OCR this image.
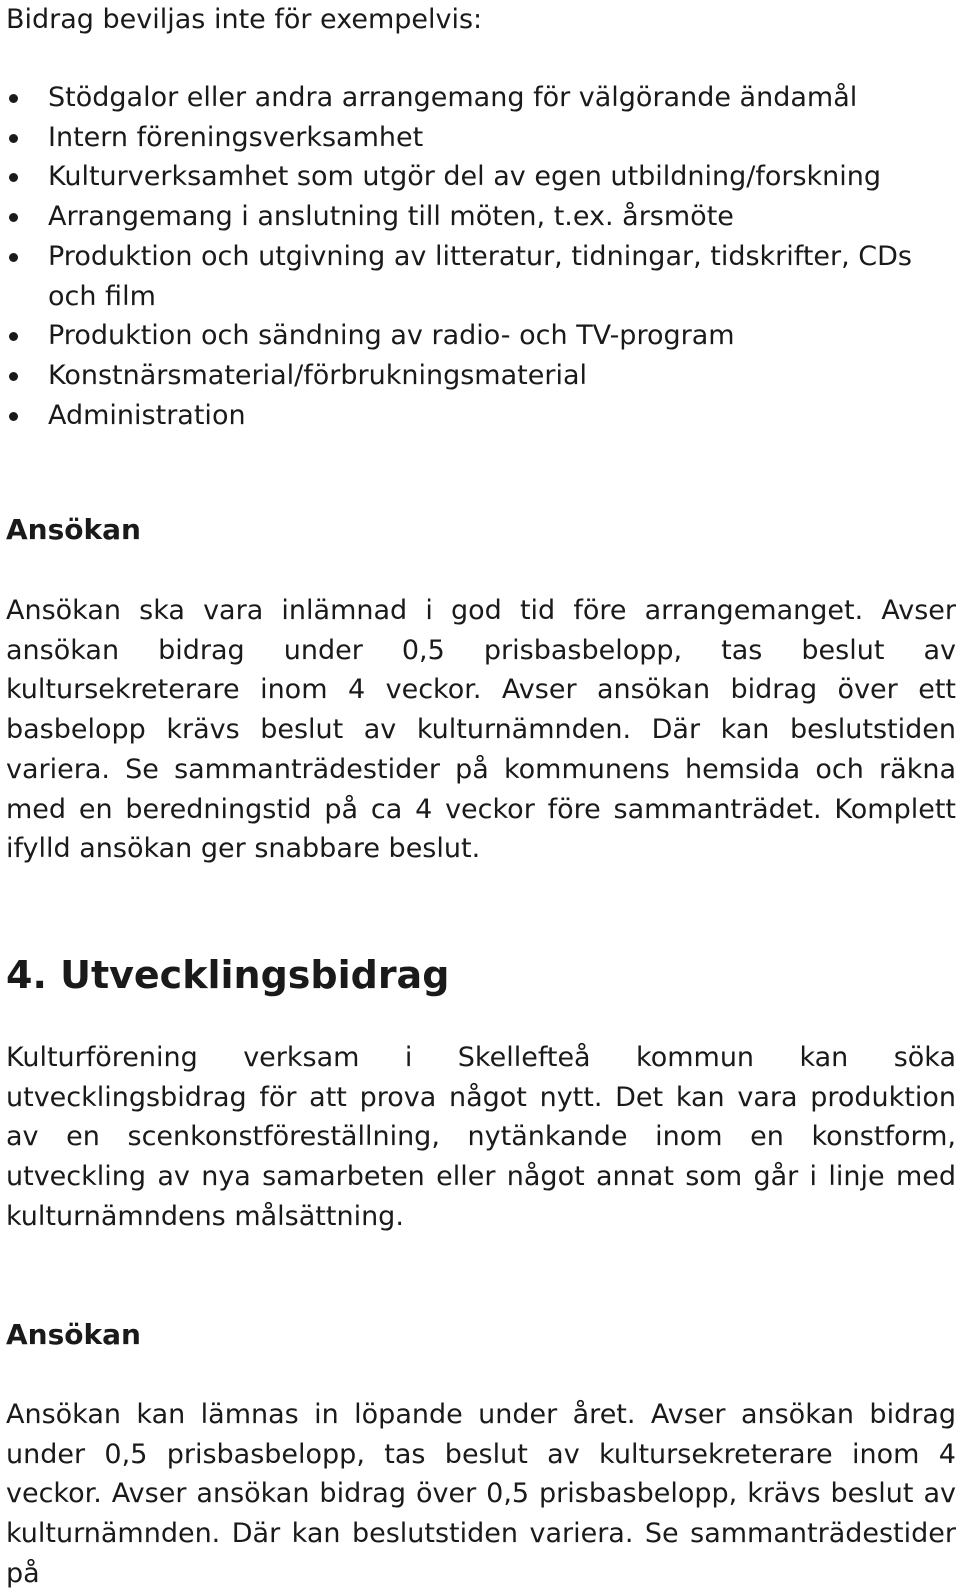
Bidrag beviljas inte för exempelvis:
Stödgalor eller andra arrangemang för välgörande ändamål
Intern föreningsverksamhet
Kulturverksamhet som utgör del av egen utbildning/forskning
Arrangemang i anslutning till möten, t.ex. årsmöte
Produktion och utgivning av litteratur, tidningar, tidskrifter, CDs och film
Produktion och sändning av radio- och TV-program
Konstnärsmaterial/förbrukningsmaterial
Administration
Ansökan

Ansökan ska vara inlämnad i god tid före arrangemanget. Avser ansökan bidrag under 0,5 prisbasbelopp, tas beslut av kultursekreterare inom 4 veckor. Avser ansökan bidrag över ett basbelopp krävs beslut av kulturnämnden. Där kan beslutstiden variera. Se sammanträdestider på kommunens hemsida och räkna med en beredningstid på ca 4 veckor före sammanträdet. Komplett ifylld ansökan ger snabbare beslut.

4. Utvecklingsbidrag

Kulturförening verksam i Skellefteå kommun kan söka utvecklingsbidrag för att prova något nytt. Det kan vara produktion av en scenkonstföreställning, nytänkande inom en konstform, utveckling av nya samarbeten eller något annat som går i linje med kulturnämndens målsättning.

Ansökan

Ansökan kan lämnas in löpande under året. Avser ansökan bidrag under 0,5 prisbasbelopp, tas beslut av kultursekreterare inom 4 veckor. Avser ansökan bidrag över 0,5 prisbasbelopp, krävs beslut av kulturnämnden. Där kan beslutstiden variera. Se sammanträdestider på
